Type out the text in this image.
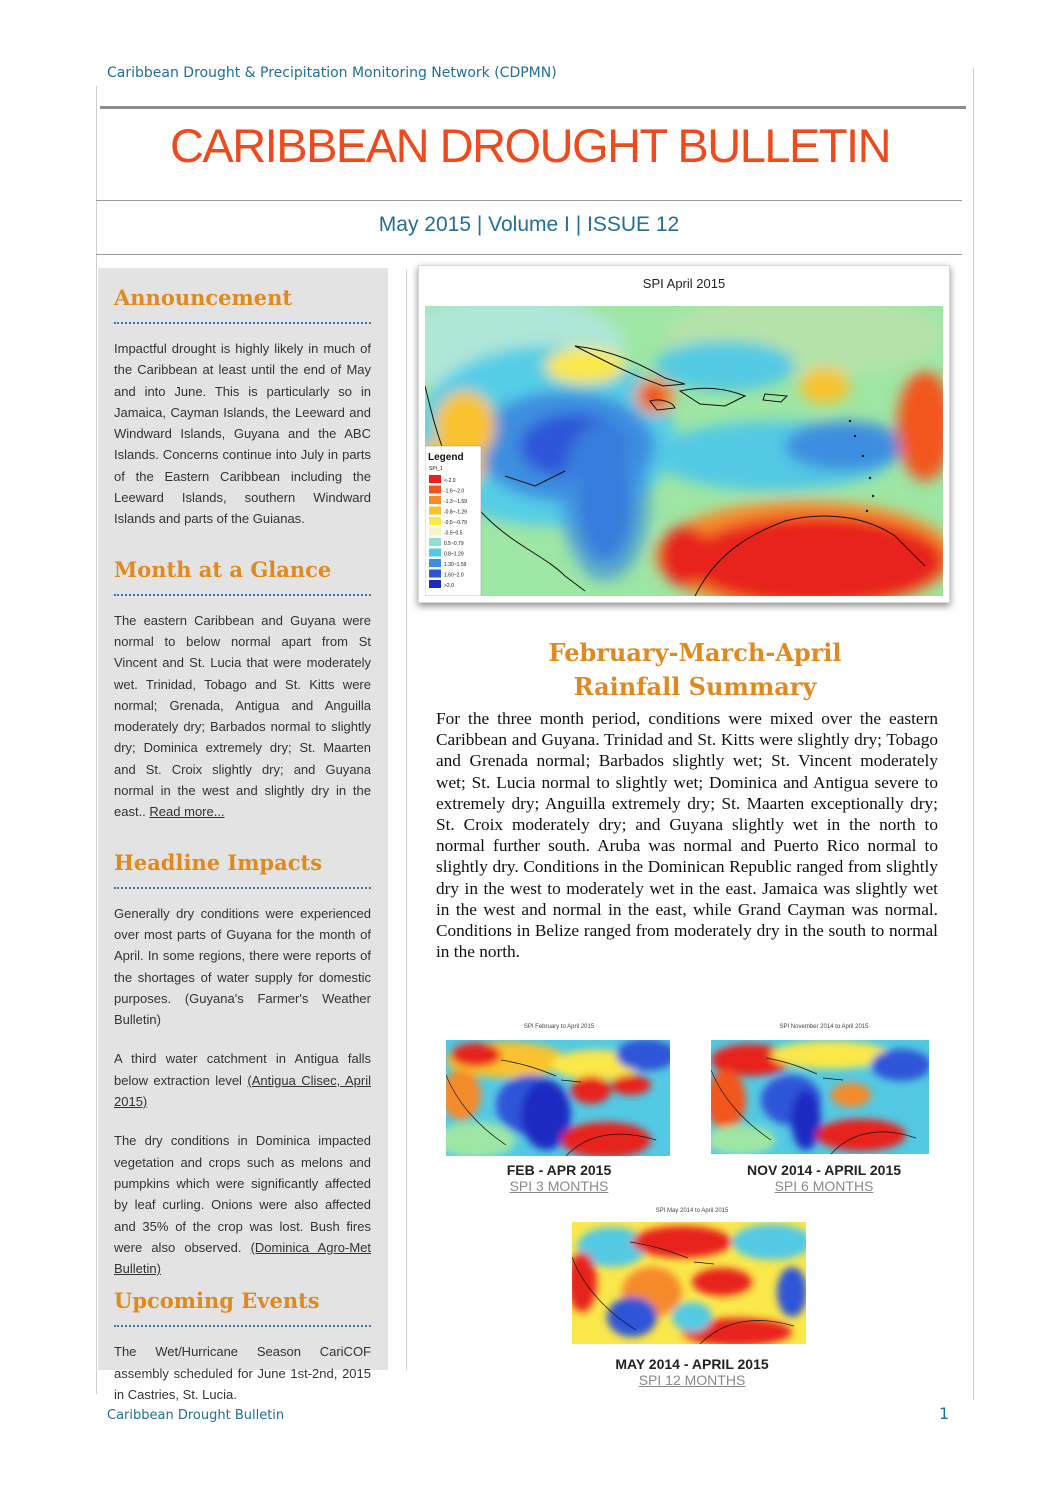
Caribbean Drought & Precipitation Monitoring Network (CDPMN)
CARIBBEAN DROUGHT BULLETIN
May 2015 | Volume I | ISSUE 12
Announcement

Impactful drought is highly likely in much of the Caribbean at least until the end of May and into June. This is particularly so in Jamaica, Cayman Islands, the Leeward and Windward Islands, Guyana and the ABC Islands. Concerns continue into July in parts of the Eastern Caribbean including the Leeward Islands, southern Windward Islands and parts of the Guianas.

Month at a Glance

The eastern Caribbean and Guyana were normal to below normal apart from St Vincent and St. Lucia that were moderately wet. Trinidad, Tobago and St. Kitts were normal; Grenada, Antigua and Anguilla moderately dry; Barbados normal to slightly dry; Dominica extremely dry; St. Maarten and St. Croix slightly dry; and Guyana normal in the west and slightly dry in the east.. Read more...

Headline Impacts

Generally dry conditions were experienced over most parts of Guyana for the month of April. In some regions, there were reports of the shortages of water supply for domestic purposes. (Guyana's Farmer's Weather Bulletin)

A third water catchment in Antigua falls below extraction level (Antigua Clisec, April 2015)

The dry conditions in Dominica impacted vegetation and crops such as melons and pumpkins which were significantly affected by leaf curling. Onions were also affected and 35% of the crop was lost. Bush fires were also observed. (Dominica Agro-Met Bulletin)

Upcoming Events

The Wet/Hurricane Season CariCOF assembly scheduled for June 1st-2nd, 2015 in Castries, St. Lucia.

SPI April 2015
Legend
SPI_1
<-2.0
-1.6~-2.0
-1.3~-1.59
-0.8~-1.29
-0.5~-0.79
-0.5~0.5
0.5~0.79
0.8~1.29
1.30~1.59
1.60~2.0
>2.0
February-March-April
Rainfall Summary

For the three month period, conditions were mixed over the eastern Caribbean and Guyana. Trinidad and St. Kitts were slightly dry; Tobago and Grenada normal; Barbados slightly wet; St. Vincent moderately wet; St. Lucia normal to slightly wet; Dominica and Antigua severe to extremely dry; Anguilla extremely dry; St. Maarten exceptionally dry; St. Croix moderately dry; and Guyana slightly wet in the north to normal further south. Aruba was normal and Puerto Rico normal to slightly dry. Conditions in the Dominican Republic ranged from slightly dry in the west to moderately wet in the east. Jamaica was slightly wet in the west and normal in the east, while Grand Cayman was normal. Conditions in Belize ranged from moderately dry in the south to normal in the north.

SPI February to April 2015
FEB - APR 2015
SPI 3 MONTHS
SPI November 2014 to April 2015
NOV 2014 - APRIL 2015
SPI 6 MONTHS
SPI May 2014 to April 2015
MAY 2014 - APRIL 2015
SPI 12 MONTHS
Caribbean Drought Bulletin	1
